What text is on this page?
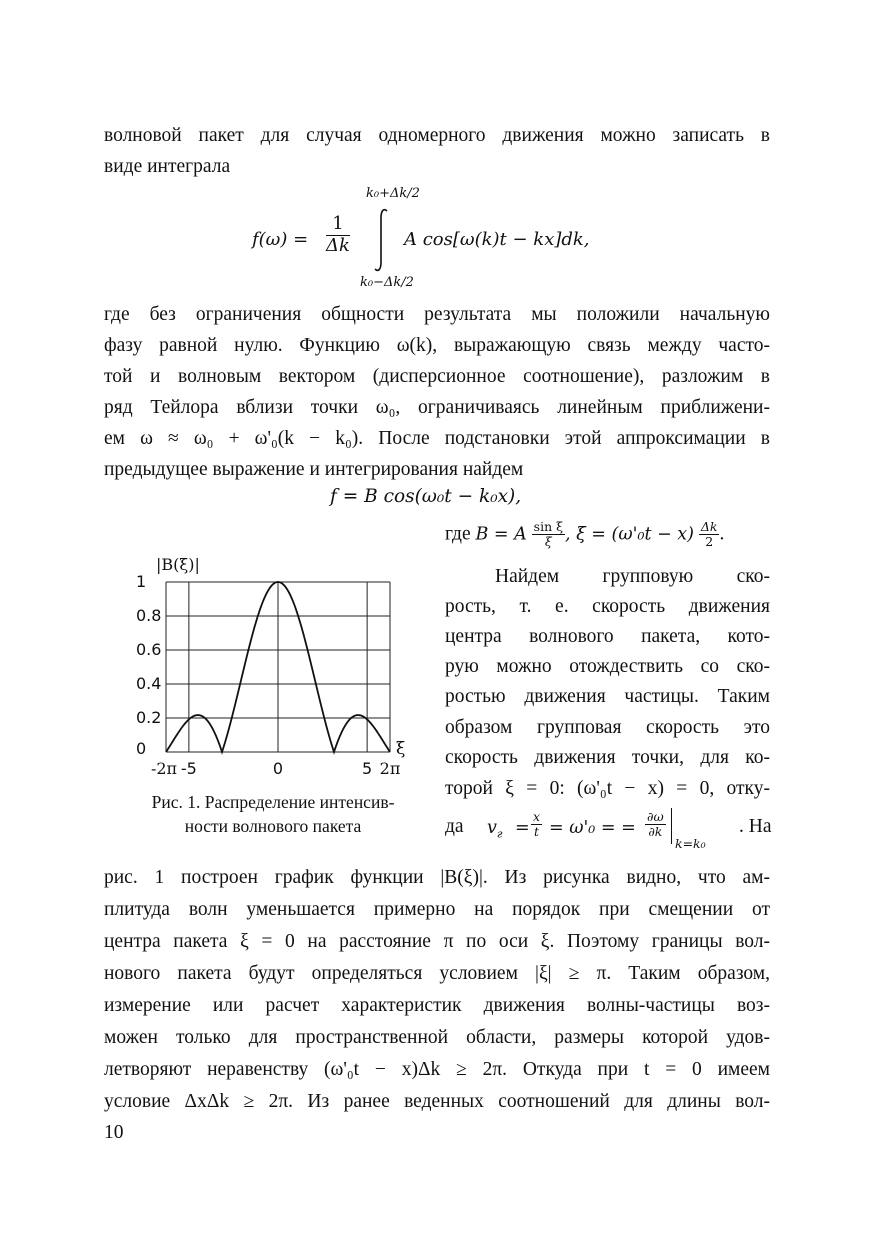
волновой пакет для случая одномерного движения можно записать в
виде интеграла
$f(\omega) = \frac{1}{\Delta k}$
k₀+Δk/2
k₀−Δk/2
A cos[ω(k)t − kx]dk,
где без ограничения общности результата мы положили начальную
фазу равной нулю. Функцию ω(k), выражающую связь между часто-
той и волновым вектором (дисперсионное соотношение), разложим в
ряд Тейлора вблизи точки ω₀, ограничиваясь линейным приближени-
ем ω ≈ ω₀ + ω'₀(k − k₀). После подстановки этой аппроксимации в
предыдущее выражение и интегрирования найдем
f = B cos(ω₀t − k₀x),
где B = A $\frac{\text{sin ξ}}{\xi}$ , $\xi = (\omega'_0t - x) \frac{\Delta k}{2}$ .
Найдем групповую ско-
рость, т. е. скорость движения
центра волнового пакета, кото-
рую можно отождествить со ско-
ростью движения частицы. Таким
образом групповая скорость это
скорость движения точки, для ко-
торой ξ = 0: (ω'₀t − x) = 0, отку-
да $v_г = \frac{x}{t} = \omega'_0$ = = $\frac{\partial\omega}{\partial k}$
k=k₀
. На
0
0.2
0.4
0.6
0.8
1
-2π -5	0	5 2π
|B(ξ)|
ξ
Рис. 1. Распределение интенсив-
ности волнового пакета
рис. 1 построен график функции |B(ξ)|. Из рисунка видно, что ам-
плитуда волн уменьшается примерно на порядок при смещении от
центра пакета ξ = 0 на расстояние π по оси ξ. Поэтому границы вол-
нового пакета будут определяться условием |ξ| ≥ π. Таким образом,
измерение или расчет характеристик движения волны-частицы воз-
можен только для пространственной области, размеры которой удов-
летворяют неравенству (ω'₀t − x)Δk ≥ 2π. Откуда при t = 0 имеем
условие ΔxΔk ≥ 2π. Из ранее веденных соотношений для длины вол-
10
